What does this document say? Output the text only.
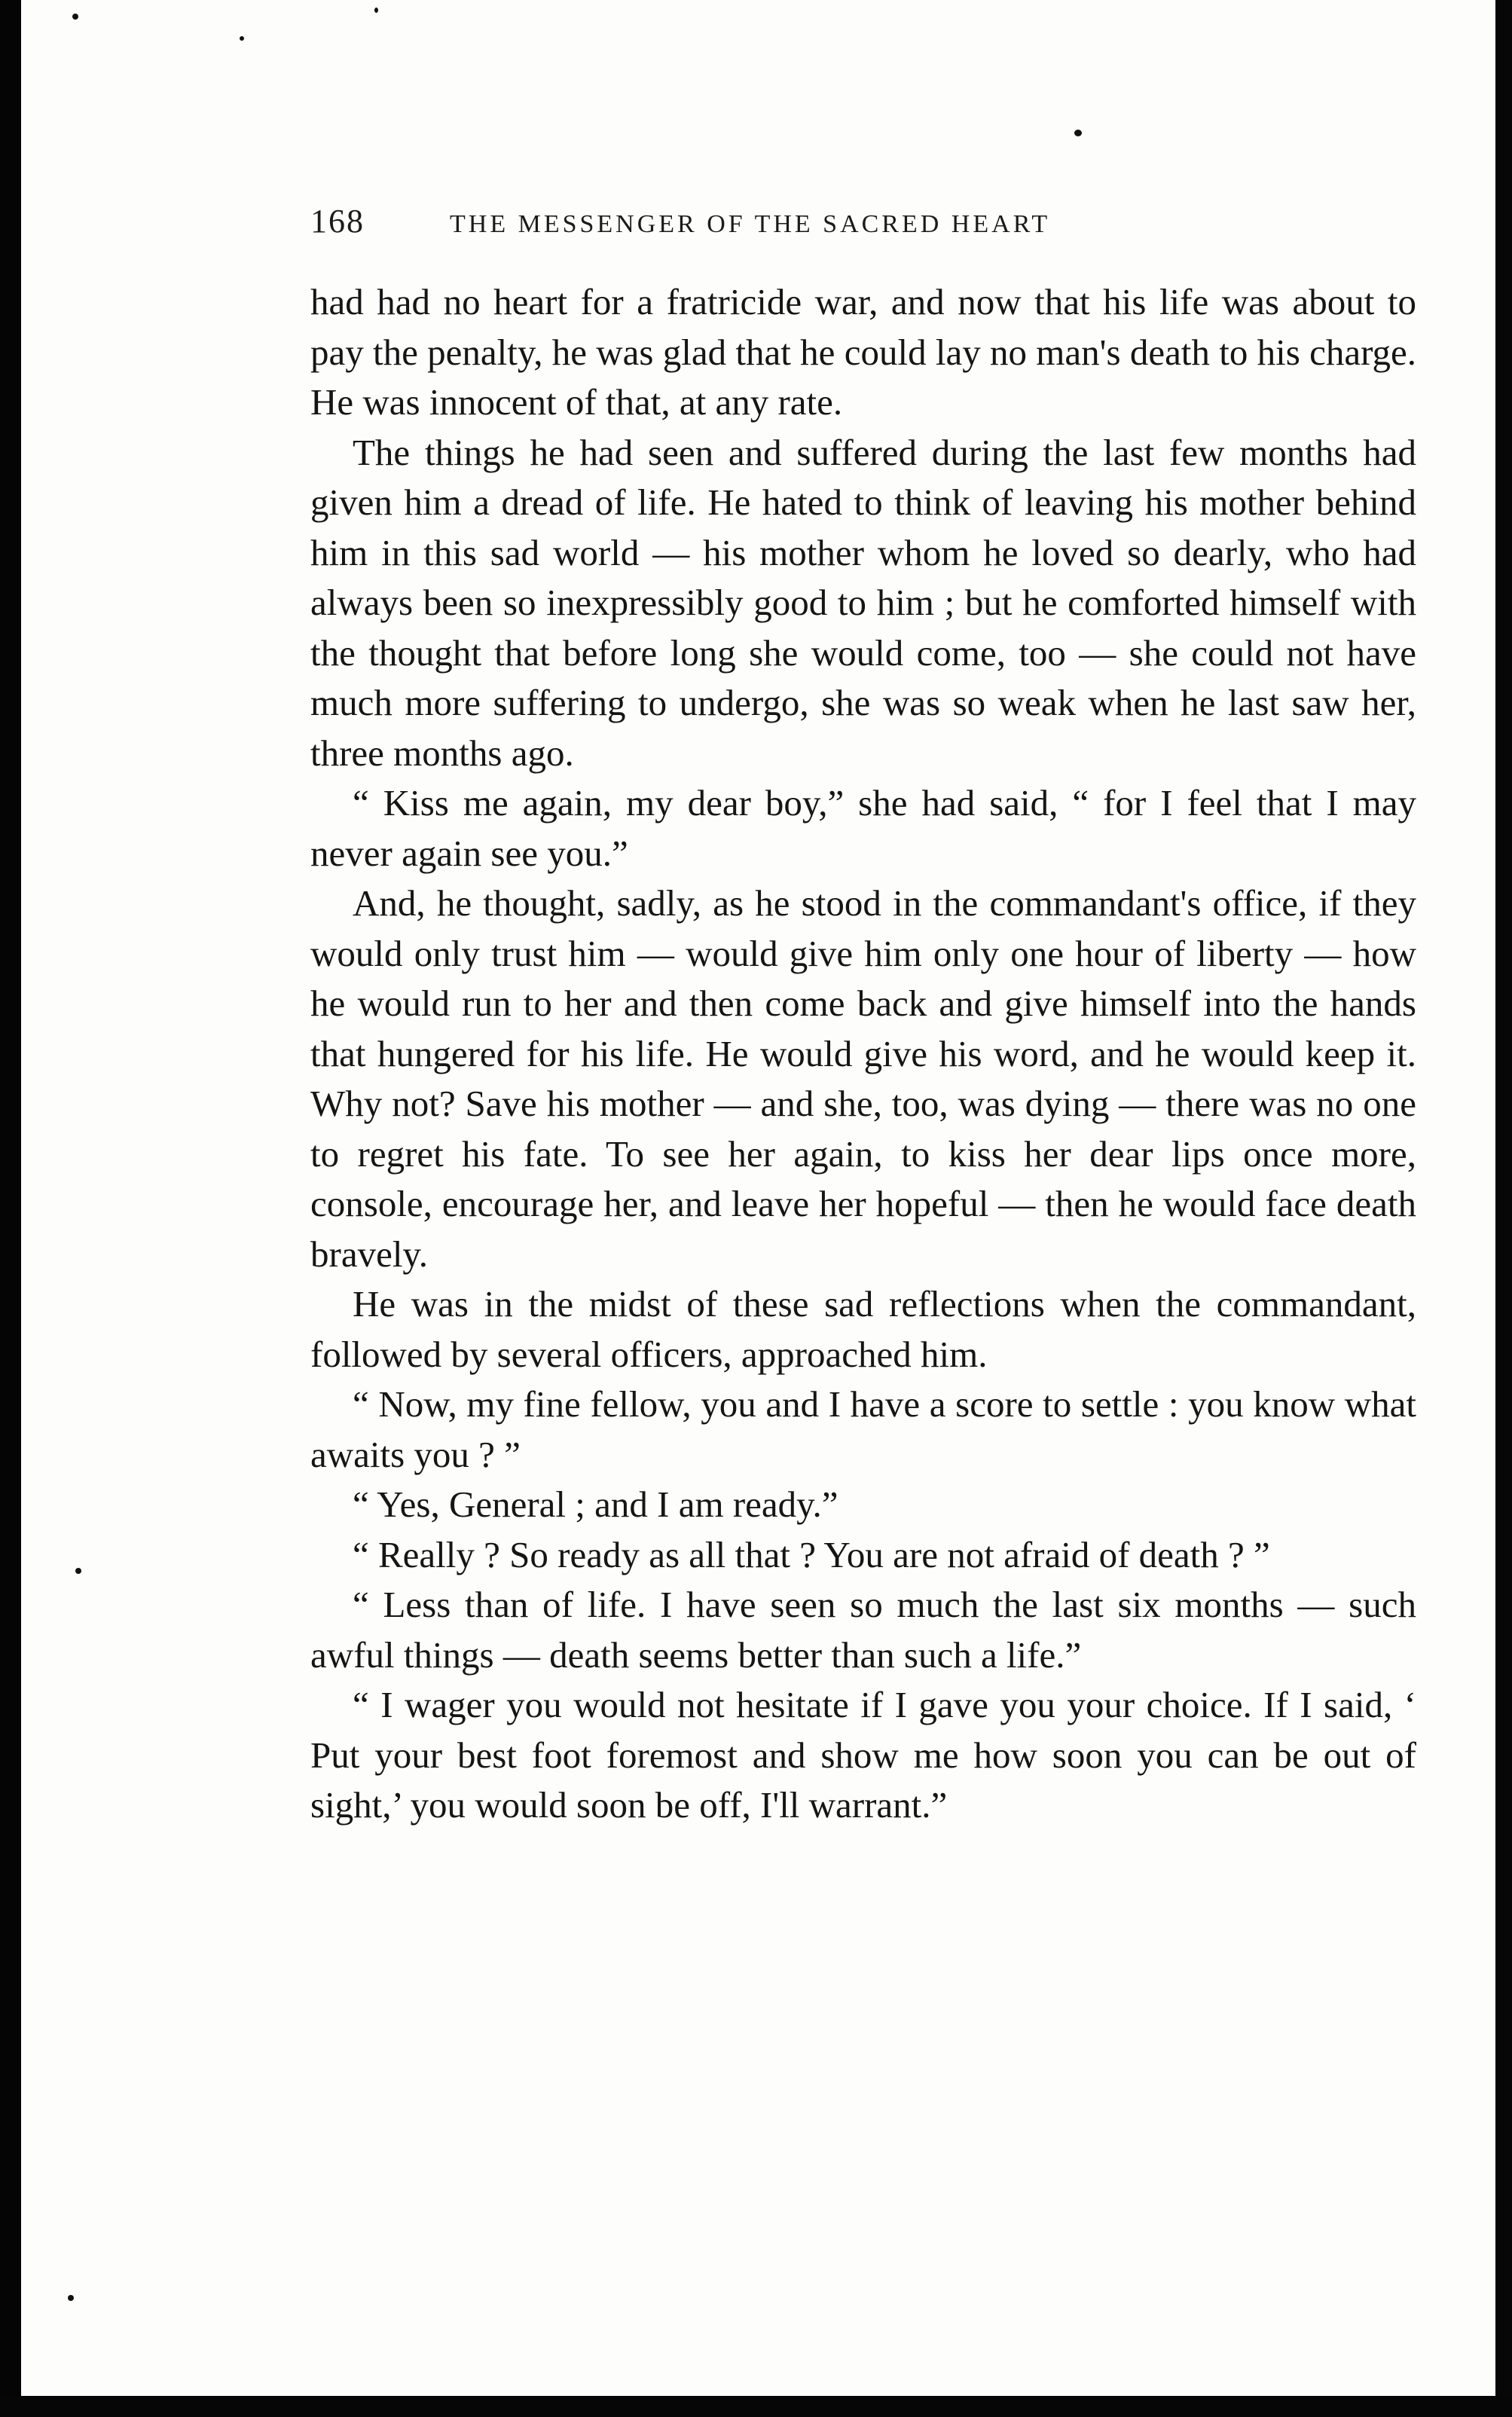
168	THE MESSENGER OF THE SACRED HEART

had had no heart for a fratricide war, and now that his life was about to pay the penalty, he was glad that he could lay no man's death to his charge. He was innocent of that, at any rate.

The things he had seen and suffered during the last few months had given him a dread of life. He hated to think of leaving his mother behind him in this sad world — his mother whom he loved so dearly, who had always been so inexpressibly good to him ; but he comforted himself with the thought that before long she would come, too — she could not have much more suffering to undergo, she was so weak when he last saw her, three months ago.

“ Kiss me again, my dear boy,” she had said, “ for I feel that I may never again see you.”

And, he thought, sadly, as he stood in the commandant's office, if they would only trust him — would give him only one hour of liberty — how he would run to her and then come back and give himself into the hands that hungered for his life. He would give his word, and he would keep it. Why not? Save his mother — and she, too, was dying — there was no one to regret his fate. To see her again, to kiss her dear lips once more, console, encourage her, and leave her hopeful — then he would face death bravely.

He was in the midst of these sad reflections when the commandant, followed by several officers, approached him.

“ Now, my fine fellow, you and I have a score to settle : you know what awaits you ? ”

“ Yes, General ; and I am ready.”

“ Really ? So ready as all that ? You are not afraid of death ? ”

“ Less than of life. I have seen so much the last six months — such awful things — death seems better than such a life.”

“ I wager you would not hesitate if I gave you your choice. If I said, ‘ Put your best foot foremost and show me how soon you can be out of sight,’ you would soon be off, I'll warrant.”
